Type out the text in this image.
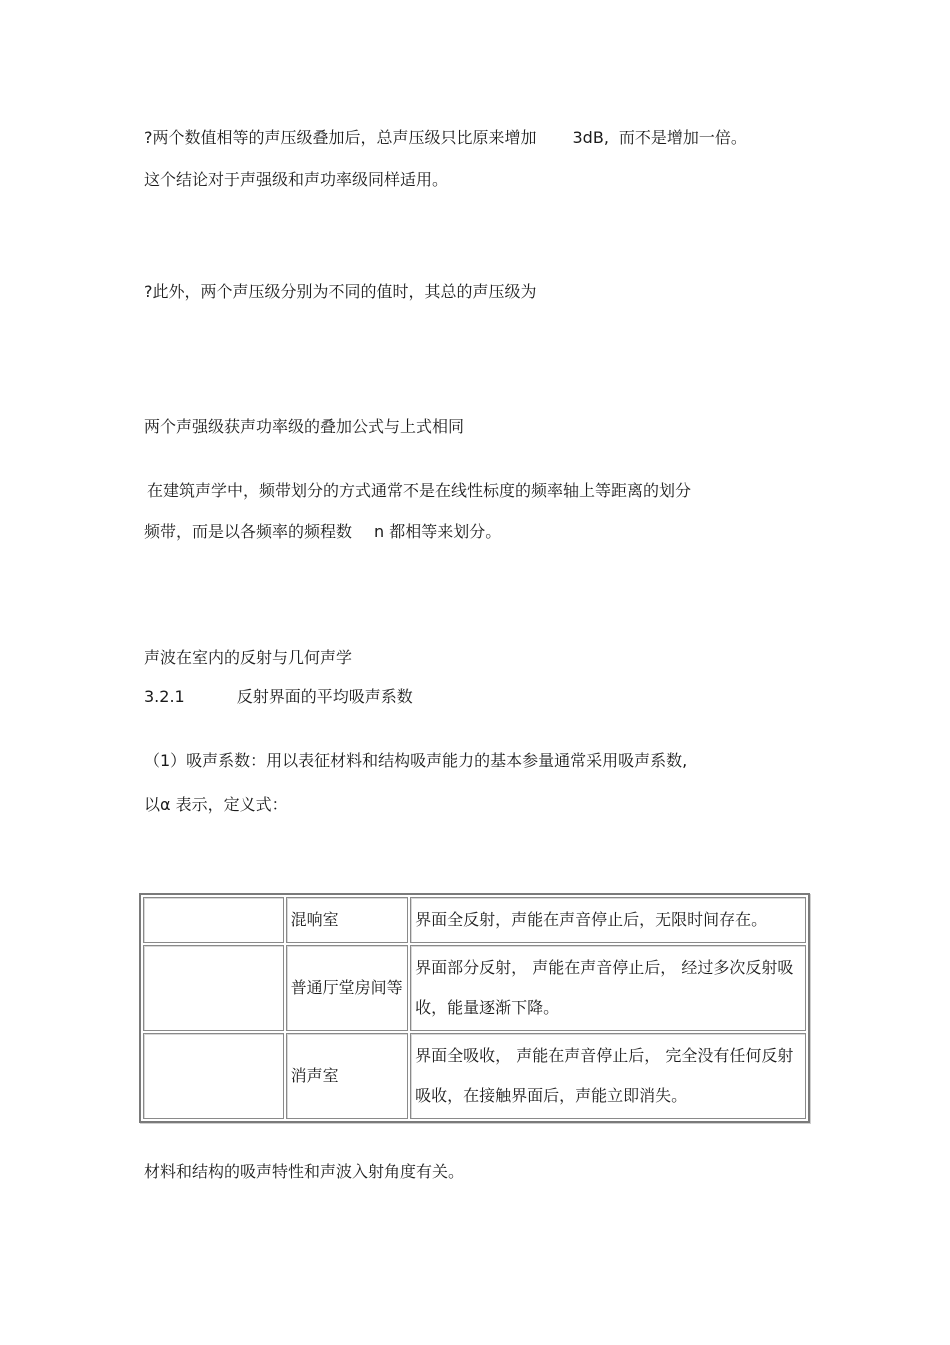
?两个数值相等的声压级叠加后，总声压级只比原来增加 3dB, 而不是增加一倍。
这个结论对于声强级和声功率级同样适用。
?此外，两个声压级分别为不同的值时，其总的声压级为
两个声强级获声功率级的叠加公式与上式相同
在建筑声学中，频带划分的方式通常不是在线性标度的频率轴上等距离的划分
频带，而是以各频率的频程数 n 都相等来划分。
声波在室内的反射与几何声学
3.2.1	反射界面的平均吸声系数
（1）吸声系数：用以表征材料和结构吸声能力的基本参量通常采用吸声系数,
以α 表示，定义式：
	混响室	界面全反射，声能在声音停止后，无限时间存在。
	普通厅堂房间等	界面部分反射， 声能在声音停止后， 经过多次反射吸收，能量逐渐下降。
	消声室	界面全吸收， 声能在声音停止后， 完全没有任何反射吸收，在接触界面后，声能立即消失。
材料和结构的吸声特性和声波入射角度有关。
